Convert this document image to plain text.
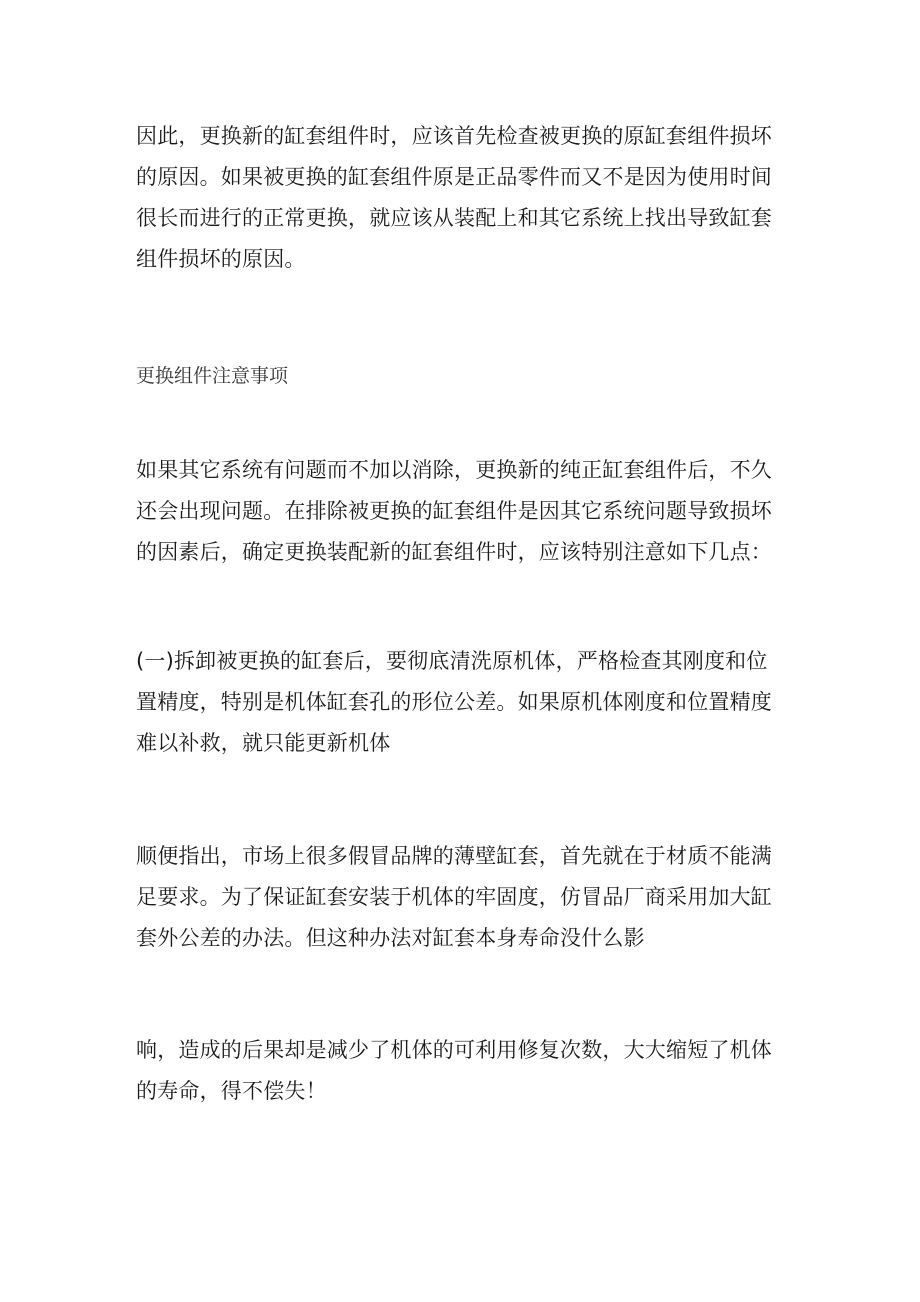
因此，更换新的缸套组件时，应该首先检查被更换的原缸套组件损坏
的原因。如果被更换的缸套组件原是正品零件而又不是因为使用时间
很长而进行的正常更换，就应该从装配上和其它系统上找出导致缸套
组件损坏的原因。

更换组件注意事项

如果其它系统有问题而不加以消除，更换新的纯正缸套组件后，不久
还会出现问题。在排除被更换的缸套组件是因其它系统问题导致损坏
的因素后，确定更换装配新的缸套组件时，应该特别注意如下几点：

(一)拆卸被更换的缸套后，要彻底清洗原机体，严格检查其刚度和位
置精度，特别是机体缸套孔的形位公差。如果原机体刚度和位置精度
难以补救，就只能更新机体

顺便指出，市场上很多假冒品牌的薄壁缸套，首先就在于材质不能满
足要求。为了保证缸套安装于机体的牢固度，仿冒品厂商采用加大缸
套外公差的办法。但这种办法对缸套本身寿命没什么影

响，造成的后果却是减少了机体的可利用修复次数，大大缩短了机体
的寿命，得不偿失！
